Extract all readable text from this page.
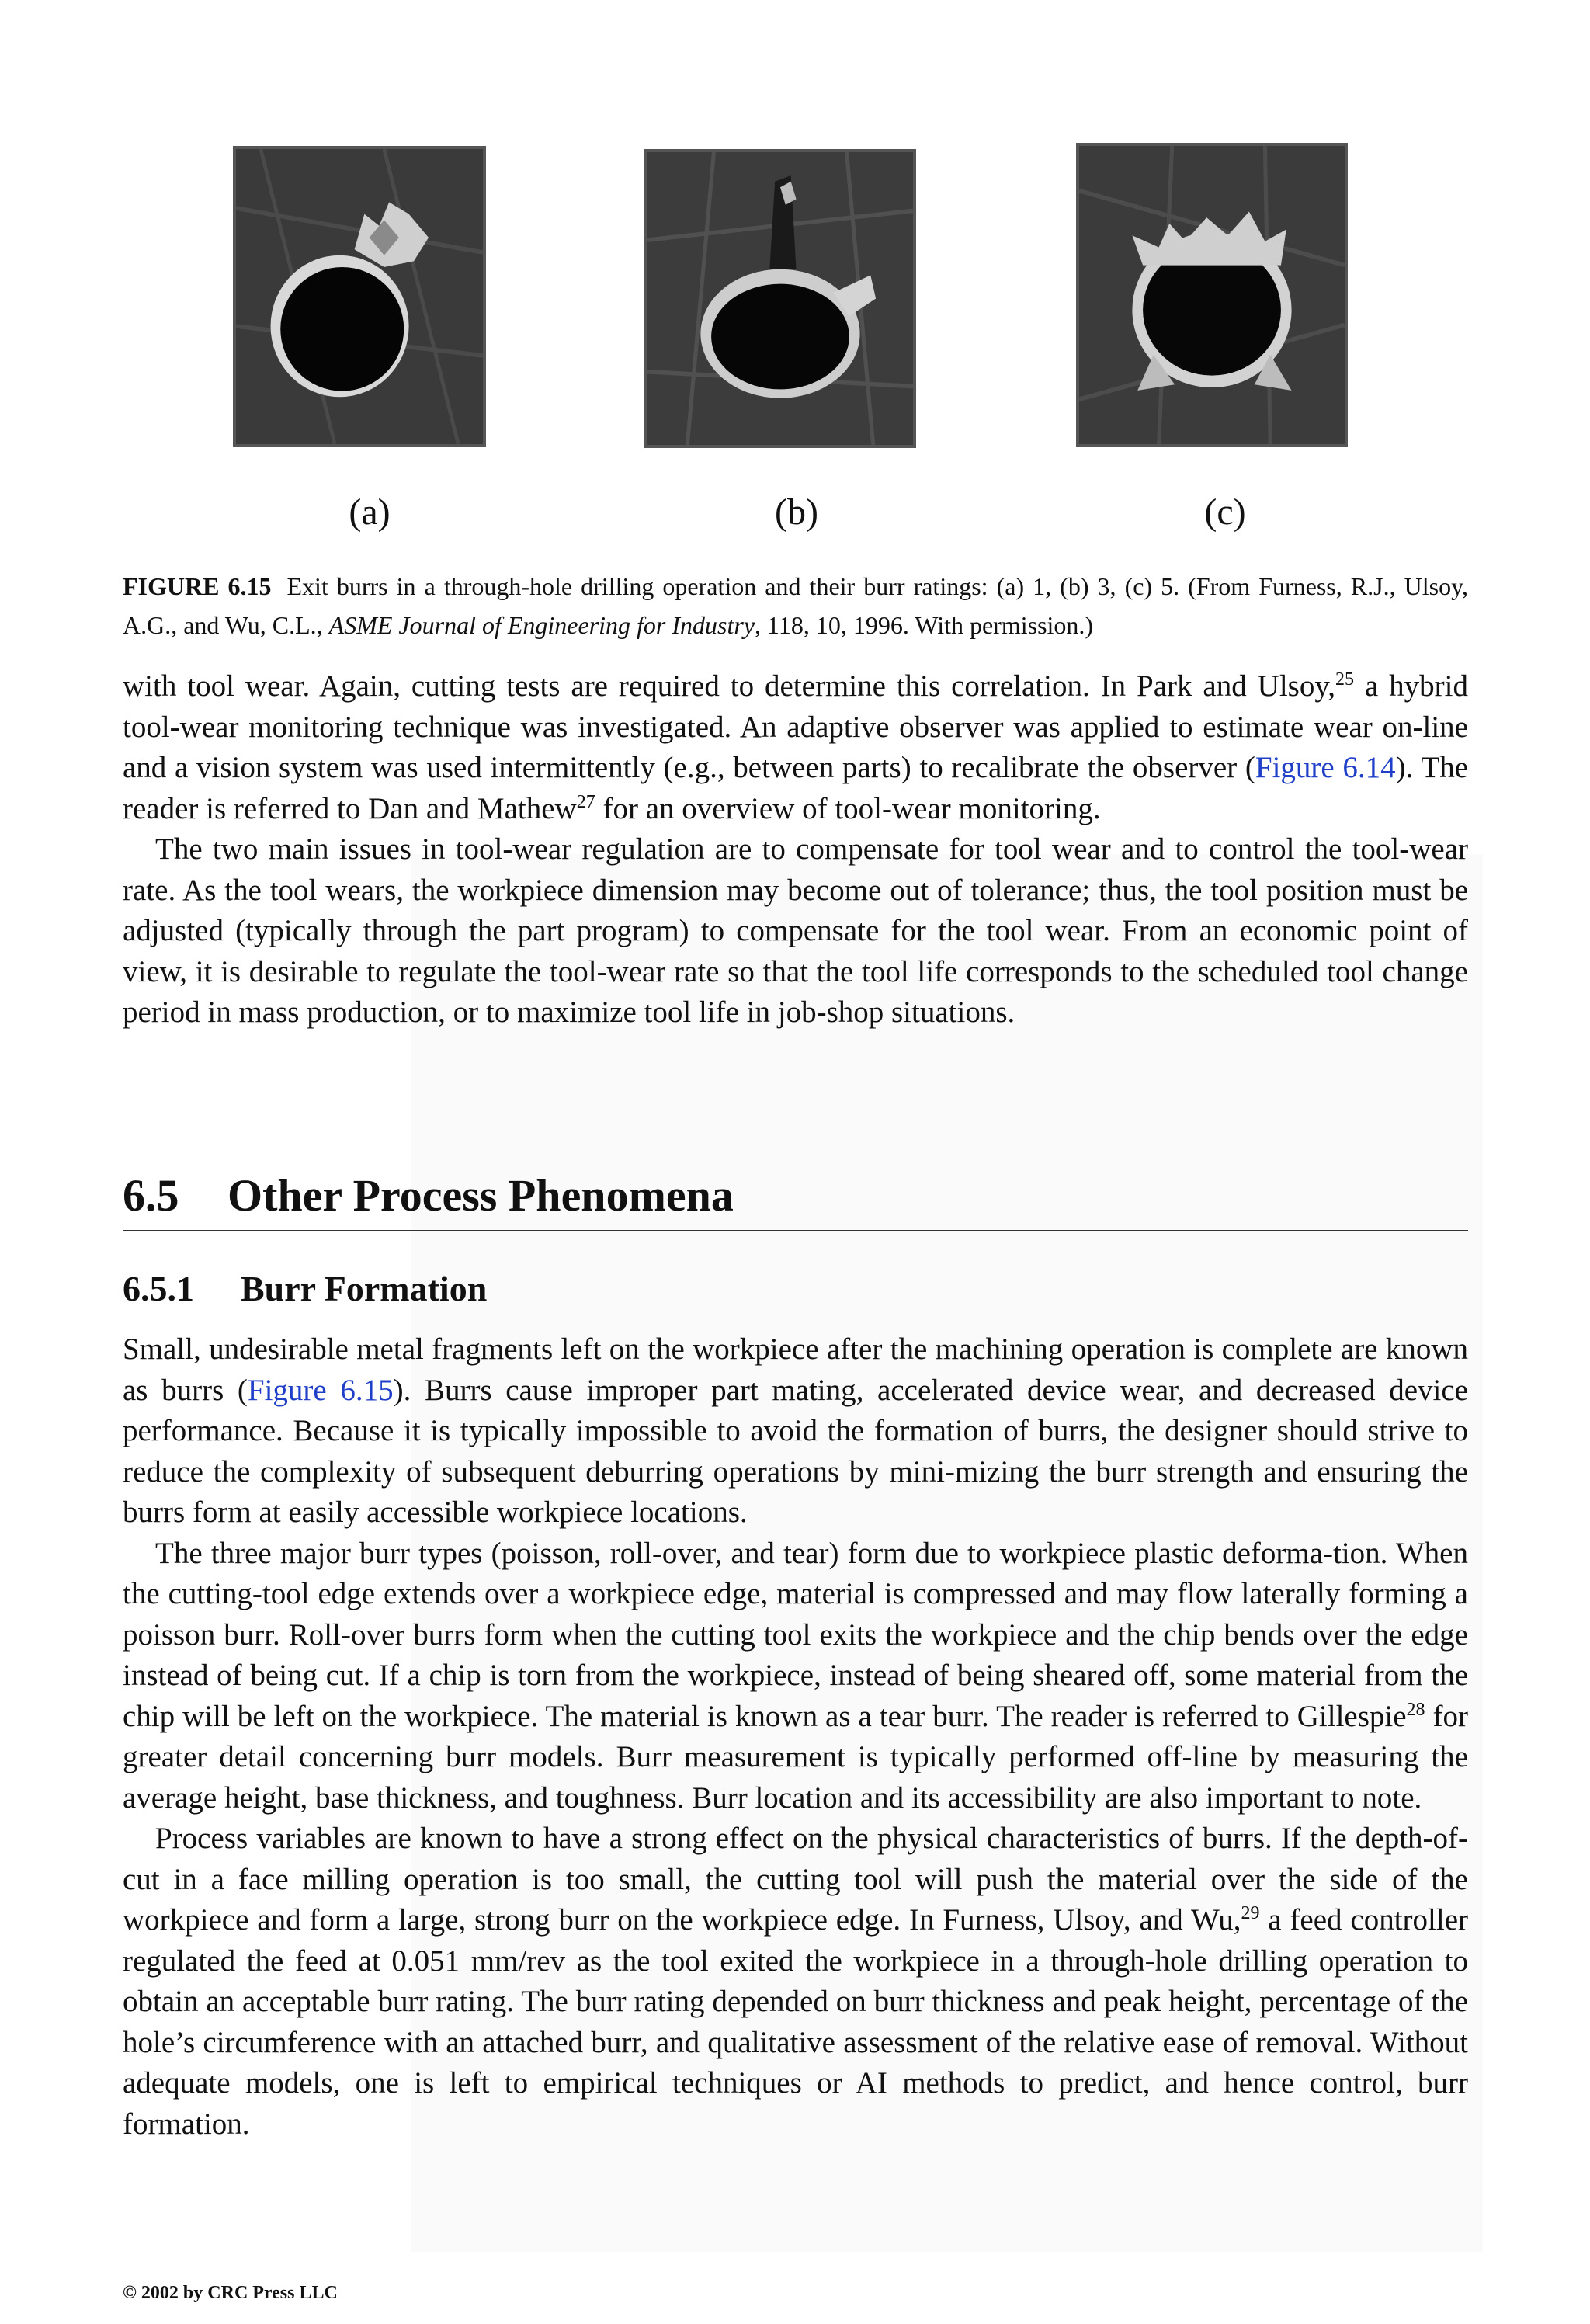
(a)	(b)	(c)
FIGURE 6.15 Exit burrs in a through-hole drilling operation and their burr ratings: (a) 1, (b) 3, (c) 5. (From Furness, R.J., Ulsoy, A.G., and Wu, C.L., ASME Journal of Engineering for Industry, 118, 10, 1996. With permission.)

with tool wear. Again, cutting tests are required to determine this correlation. In Park and Ulsoy,$^{25}$ a hybrid tool-wear monitoring technique was investigated. An adaptive observer was applied to estimate wear on-line and a vision system was used intermittently (e.g., between parts) to recalibrate the observer (Figure 6.14). The reader is referred to Dan and Mathew$^{27}$ for an overview of tool-wear monitoring.

The two main issues in tool-wear regulation are to compensate for tool wear and to control the tool-wear rate. As the tool wears, the workpiece dimension may become out of tolerance; thus, the tool position must be adjusted (typically through the part program) to compensate for the tool wear. From an economic point of view, it is desirable to regulate the tool-wear rate so that the tool life corresponds to the scheduled tool change period in mass production, or to maximize tool life in job-shop situations.

6.5 Other Process Phenomena
6.5.1 Burr Formation

Small, undesirable metal fragments left on the workpiece after the machining operation is complete are known as burrs (Figure 6.15). Burrs cause improper part mating, accelerated device wear, and decreased device performance. Because it is typically impossible to avoid the formation of burrs, the designer should strive to reduce the complexity of subsequent deburring operations by mini-mizing the burr strength and ensuring the burrs form at easily accessible workpiece locations.

The three major burr types (poisson, roll-over, and tear) form due to workpiece plastic deforma-tion. When the cutting-tool edge extends over a workpiece edge, material is compressed and may flow laterally forming a poisson burr. Roll-over burrs form when the cutting tool exits the workpiece and the chip bends over the edge instead of being cut. If a chip is torn from the workpiece, instead of being sheared off, some material from the chip will be left on the workpiece. The material is known as a tear burr. The reader is referred to Gillespie$^{28}$ for greater detail concerning burr models. Burr measurement is typically performed off-line by measuring the average height, base thickness, and toughness. Burr location and its accessibility are also important to note.

Process variables are known to have a strong effect on the physical characteristics of burrs. If the depth-of-cut in a face milling operation is too small, the cutting tool will push the material over the side of the workpiece and form a large, strong burr on the workpiece edge. In Furness, Ulsoy, and Wu,$^{29}$ a feed controller regulated the feed at 0.051 mm/rev as the tool exited the workpiece in a through-hole drilling operation to obtain an acceptable burr rating. The burr rating depended on burr thickness and peak height, percentage of the hole’s circumference with an attached burr, and qualitative assessment of the relative ease of removal. Without adequate models, one is left to empirical techniques or AI methods to predict, and hence control, burr formation.

© 2002 by CRC Press LLC
